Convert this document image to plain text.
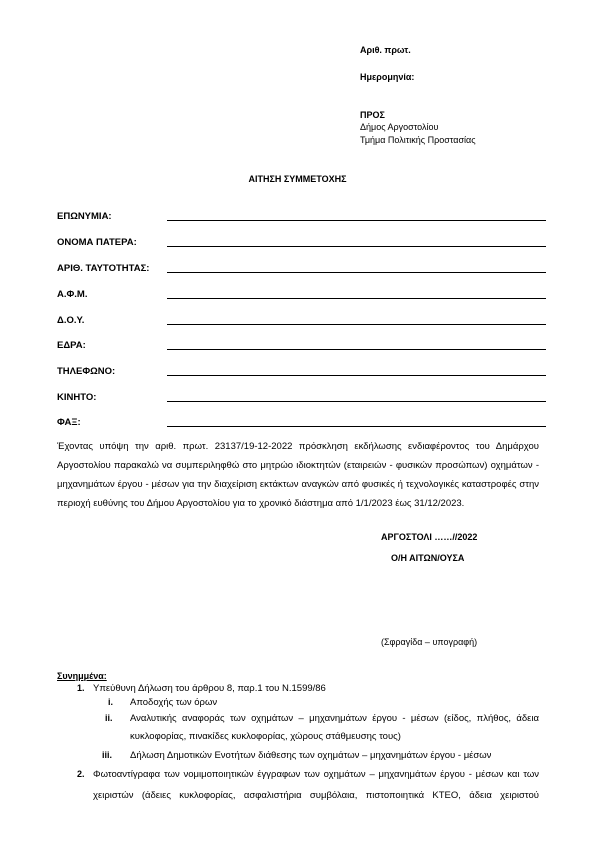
Αριθ. πρωτ.
Ημερομηνία:
ΠΡΟΣ
Δήμος Αργοστολίου
Τμήμα Πολιτικής Προστασίας
ΑΙΤΗΣΗ ΣΥΜΜΕΤΟΧΗΣ
ΕΠΩΝΥΜΙΑ:
ΟΝΟΜΑ ΠΑΤΕΡΑ:
ΑΡΙΘ. ΤΑΥΤΟΤΗΤΑΣ:
Α.Φ.Μ.
Δ.Ο.Υ.
ΕΔΡΑ:
ΤΗΛΕΦΩΝΟ:
ΚΙΝΗΤΟ:
ΦΑΞ:
Έχοντας υπόψη την αριθ. πρωτ. 23137/19-12-2022 πρόσκληση εκδήλωσης ενδιαφέροντος του Δημάρχου
Αργοστολίου παρακαλώ να συμπεριληφθώ στο μητρώο ιδιοκτητών (εταιρειών - φυσικών προσώπων) οχημάτων -
μηχανημάτων έργου - μέσων για την διαχείριση εκτάκτων αναγκών από φυσικές ή τεχνολογικές καταστροφές στην
περιοχή ευθύνης του Δήμου Αργοστολίου για το χρονικό διάστημα από 1/1/2023 έως 31/12/2023.
ΑΡΓΟΣΤΟΛΙ ……//2022
Ο/Η ΑΙΤΩΝ/ΟΥΣΑ
(Σφραγίδα – υπογραφή)
Συνημμένα:
1. Υπεύθυνη Δήλωση του άρθρου 8, παρ.1 του Ν.1599/86
i. Αποδοχής των όρων
ii. Αναλυτικής αναφοράς των οχημάτων – μηχανημάτων έργου - μέσων (είδος, πλήθος, άδεια
κυκλοφορίας, πινακίδες κυκλοφορίας, χώρους στάθμευσης τους)
iii. Δήλωση Δημοτικών Ενοτήτων διάθεσης των οχημάτων – μηχανημάτων έργου - μέσων
2. Φωτοαντίγραφα των νομιμοποιητικών έγγραφων των οχημάτων – μηχανημάτων έργου - μέσων και των
χειριστών (άδειες κυκλοφορίας, ασφαλιστήρια συμβόλαια, πιστοποιητικά ΚΤΕΟ, άδεια χειριστού
